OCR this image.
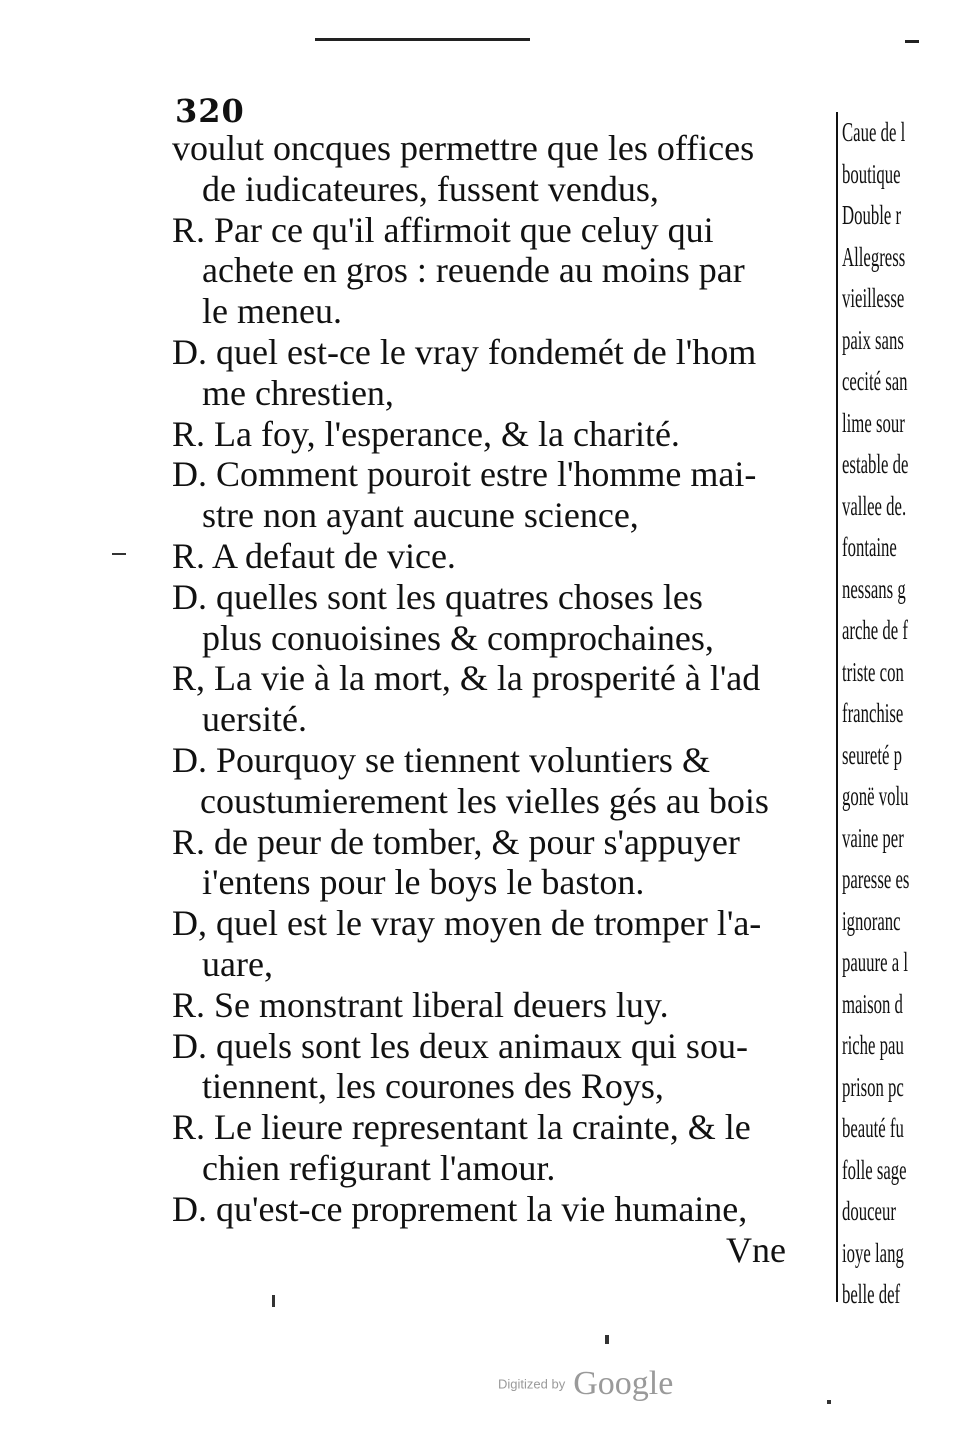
320
voulut oncques permettre que les offices
de iudicateures, fussent vendus,
R. Par ce qu'il affirmoit que celuy qui
achete en gros : reuende au moins par
le meneu.
D. quel est-ce le vray fondemét de l'hom
me chrestien,
R. La foy, l'esperance, & la charité.
D. Comment pouroit estre l'homme mai-
stre non ayant aucune science,
R. A defaut de vice.
D. quelles sont les quatres choses les
plus conuoisines & comprochaines,
R, La vie à la mort, & la prosperité à l'ad
uersité.
D. Pourquoy se tiennent voluntiers &
coustumierement les vielles gés au bois
R. de peur de tomber, & pour s'appuyer
i'entens pour le boys le baston.
D, quel est le vray moyen de tromper l'a-
uare,
R. Se monstrant liberal deuers luy.
D. quels sont les deux animaux qui sou-
tiennent, les courones des Roys,
R. Le lieure representant la crainte, & le
chien refigurant l'amour.
D. qu'est-ce proprement la vie humaine,
Vne
Caue de l
boutique
Double r
Allegress
vieillesse
paix sans
cecité san
lime sour
estable de
vallee de.
fontaine
nessans g
arche de f
triste con
franchise
seureté p
gonë volu
vaine per
paresse es
ignoranc
pauure a l
maison d
riche pau
prison pc
beauté fu
folle sage
douceur
ioye lang
belle def
Digitized by Google
